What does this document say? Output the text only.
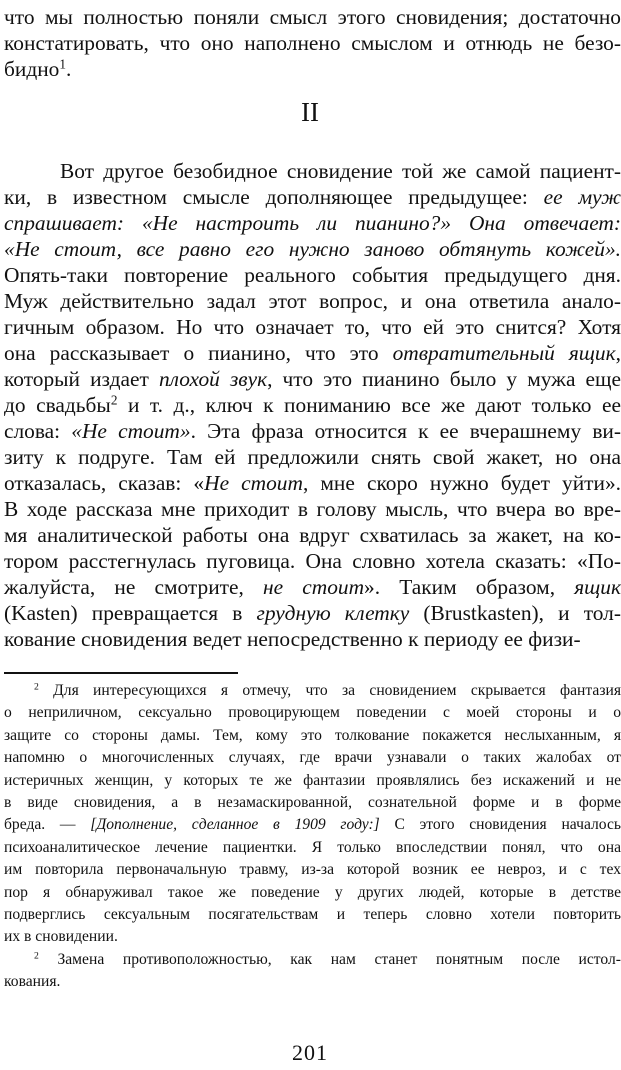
что мы полностью поняли смысл этого сновидения; достаточно
констатировать, что оно наполнено смыслом и отнюдь не безо-
бидно$^1$.
II
Вот другое безобидное сновидение той же самой пациент-
ки, в известном смысле дополняющее предыдущее: ее муж
спрашивает: «Не настроить ли пианино?» Она отвечает:
«Не стоит, все равно его нужно заново обтянуть кожей».
Опять-таки повторение реального события предыдущего дня.
Муж действительно задал этот вопрос, и она ответила анало-
гичным образом. Но что означает то, что ей это снится? Хотя
она рассказывает о пианино, что это отвратительный ящик,
который издает плохой звук, что это пианино было у мужа еще
до свадьбы$^2$ и т. д., ключ к пониманию все же дают только ее
слова: «Не стоит». Эта фраза относится к ее вчерашнему ви-
зиту к подруге. Там ей предложили снять свой жакет, но она
отказалась, сказав: «Не стоит, мне скоро нужно будет уйти».
В ходе рассказа мне приходит в голову мысль, что вчера во вре-
мя аналитической работы она вдруг схватилась за жакет, на ко-
тором расстегнулась пуговица. Она словно хотела сказать: «По-
жалуйста, не смотрите, не стоит». Таким образом, ящик
(Kasten) превращается в грудную клетку (Brustkasten), и тол-
кование сновидения ведет непосредственно к периоду ее физи-
$^2$ Для интересующихся я отмечу, что за сновидением скрывается фантазия
о неприличном, сексуально провоцирующем поведении с моей стороны и о
защите со стороны дамы. Тем, кому это толкование покажется неслыханным, я
напомню о многочисленных случаях, где врачи узнавали о таких жалобах от
истеричных женщин, у которых те же фантазии проявлялись без искажений и не
в виде сновидения, а в незамаскированной, сознательной форме и в форме
бреда. — [Дополнение, сделанное в 1909 году:] С этого сновидения началось
психоаналитическое лечение пациентки. Я только впоследствии понял, что она
им повторила первоначальную травму, из-за которой возник ее невроз, и с тех
пор я обнаруживал такое же поведение у других людей, которые в детстве
подверглись сексуальным посягательствам и теперь словно хотели повторить
их в сновидении.
$^2$ Замена противоположностью, как нам станет понятным после истол-
кования.
201
